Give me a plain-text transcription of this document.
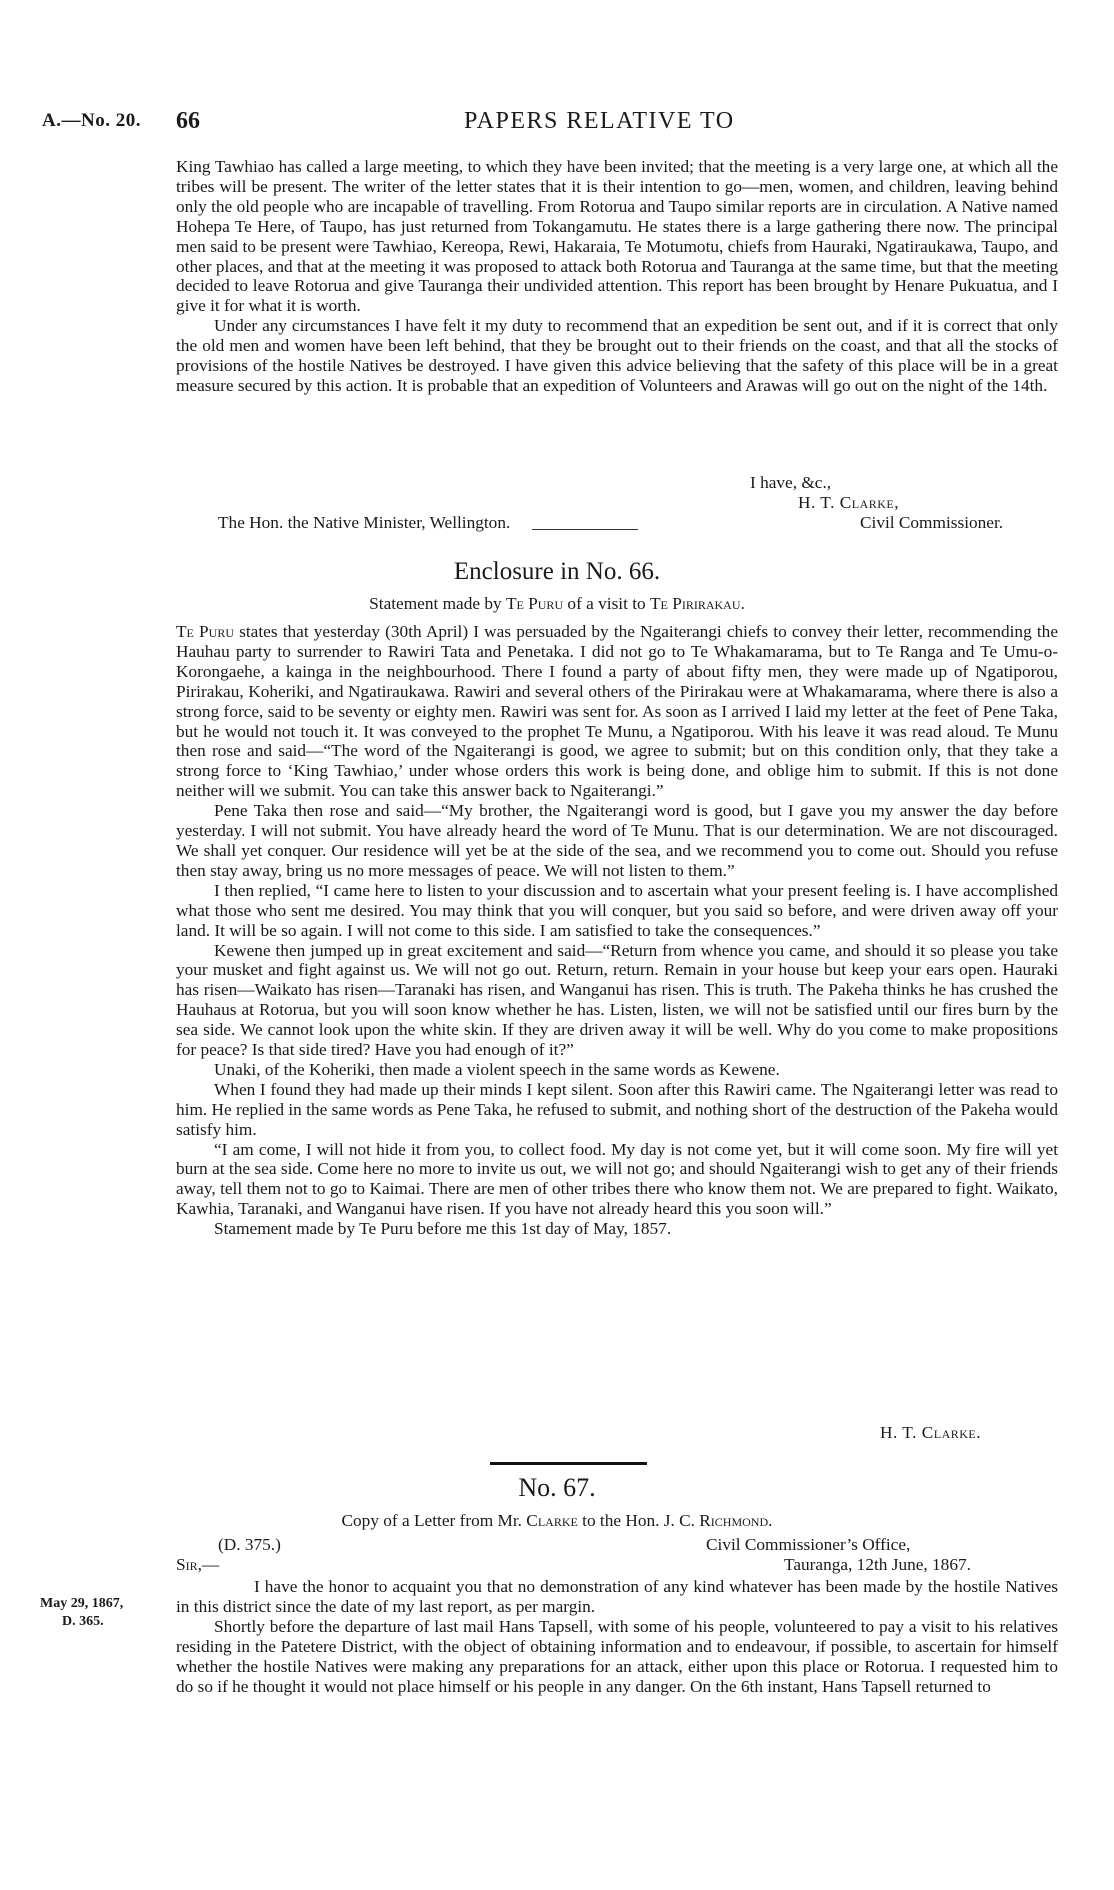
A.—No. 20. 66	PAPERS RELATIVE TO

King Tawhiao has called a large meeting, to which they have been invited; that the meeting is a very large one, at which all the tribes will be present. The writer of the letter states that it is their intention to go—men, women, and children, leaving behind only the old people who are incapable of travelling. From Rotorua and Taupo similar reports are in circulation. A Native named Hohepa Te Here, of Taupo, has just returned from Tokangamutu. He states there is a large gathering there now. The principal men said to be present were Tawhiao, Kereopa, Rewi, Hakaraia, Te Motumotu, chiefs from Hauraki, Ngatiraukawa, Taupo, and other places, and that at the meeting it was proposed to attack both Rotorua and Tauranga at the same time, but that the meeting decided to leave Rotorua and give Tauranga their undivided attention. This report has been brought by Henare Pukuatua, and I give it for what it is worth.

Under any circumstances I have felt it my duty to recommend that an expedition be sent out, and if it is correct that only the old men and women have been left behind, that they be brought out to their friends on the coast, and that all the stocks of provisions of the hostile Natives be destroyed. I have given this advice believing that the safety of this place will be in a great measure secured by this action. It is probable that an expedition of Volunteers and Arawas will go out on the night of the 14th.

I have, &c.,
H. T. Clarke,
The Hon. the Native Minister, Wellington.	Civil Commissioner.
Enclosure in No. 66.
Statement made by Te Puru of a visit to Te Pirirakau.

Te Puru states that yesterday (30th April) I was persuaded by the Ngaiterangi chiefs to convey their letter, recommending the Hauhau party to surrender to Rawiri Tata and Penetaka. I did not go to Te Whakamarama, but to Te Ranga and Te Umu-o-Korongaehe, a kainga in the neighbourhood. There I found a party of about fifty men, they were made up of Ngatiporou, Pirirakau, Koheriki, and Ngatiraukawa. Rawiri and several others of the Pirirakau were at Whakamarama, where there is also a strong force, said to be seventy or eighty men. Rawiri was sent for. As soon as I arrived I laid my letter at the feet of Pene Taka, but he would not touch it. It was conveyed to the prophet Te Munu, a Ngatiporou. With his leave it was read aloud. Te Munu then rose and said—“The word of the Ngaiterangi is good, we agree to submit; but on this condition only, that they take a strong force to ‘King Tawhiao,’ under whose orders this work is being done, and oblige him to submit. If this is not done neither will we submit. You can take this answer back to Ngaiterangi.”

Pene Taka then rose and said—“My brother, the Ngaiterangi word is good, but I gave you my answer the day before yesterday. I will not submit. You have already heard the word of Te Munu. That is our determination. We are not discouraged. We shall yet conquer. Our residence will yet be at the side of the sea, and we recommend you to come out. Should you refuse then stay away, bring us no more messages of peace. We will not listen to them.”

I then replied, “I came here to listen to your discussion and to ascertain what your present feeling is. I have accomplished what those who sent me desired. You may think that you will conquer, but you said so before, and were driven away off your land. It will be so again. I will not come to this side. I am satisfied to take the consequences.”

Kewene then jumped up in great excitement and said—“Return from whence you came, and should it so please you take your musket and fight against us. We will not go out. Return, return. Remain in your house but keep your ears open. Hauraki has risen—Waikato has risen—Taranaki has risen, and Wanganui has risen. This is truth. The Pakeha thinks he has crushed the Hauhaus at Rotorua, but you will soon know whether he has. Listen, listen, we will not be satisfied until our fires burn by the sea side. We cannot look upon the white skin. If they are driven away it will be well. Why do you come to make propositions for peace? Is that side tired? Have you had enough of it?”

Unaki, of the Koheriki, then made a violent speech in the same words as Kewene.

When I found they had made up their minds I kept silent. Soon after this Rawiri came. The Ngaiterangi letter was read to him. He replied in the same words as Pene Taka, he refused to submit, and nothing short of the destruction of the Pakeha would satisfy him.

“I am come, I will not hide it from you, to collect food. My day is not come yet, but it will come soon. My fire will yet burn at the sea side. Come here no more to invite us out, we will not go; and should Ngaiterangi wish to get any of their friends away, tell them not to go to Kaimai. There are men of other tribes there who know them not. We are prepared to fight. Waikato, Kawhia, Taranaki, and Wanganui have risen. If you have not already heard this you soon will.”

Stamement made by Te Puru before me this 1st day of May, 1857.

H. T. Clarke.
No. 67.
Copy of a Letter from Mr. Clarke to the Hon. J. C. Richmond.
(D. 375.)	Civil Commissioner’s Office,
Sir,—	Tauranga, 12th June, 1867.
May 29, 1867,
D. 365.

I have the honor to acquaint you that no demonstration of any kind whatever has been made by the hostile Natives in this district since the date of my last report, as per margin.

Shortly before the departure of last mail Hans Tapsell, with some of his people, volunteered to pay a visit to his relatives residing in the Patetere District, with the object of obtaining information and to endeavour, if possible, to ascertain for himself whether the hostile Natives were making any preparations for an attack, either upon this place or Rotorua. I requested him to do so if he thought it would not place himself or his people in any danger. On the 6th instant, Hans Tapsell returned to
